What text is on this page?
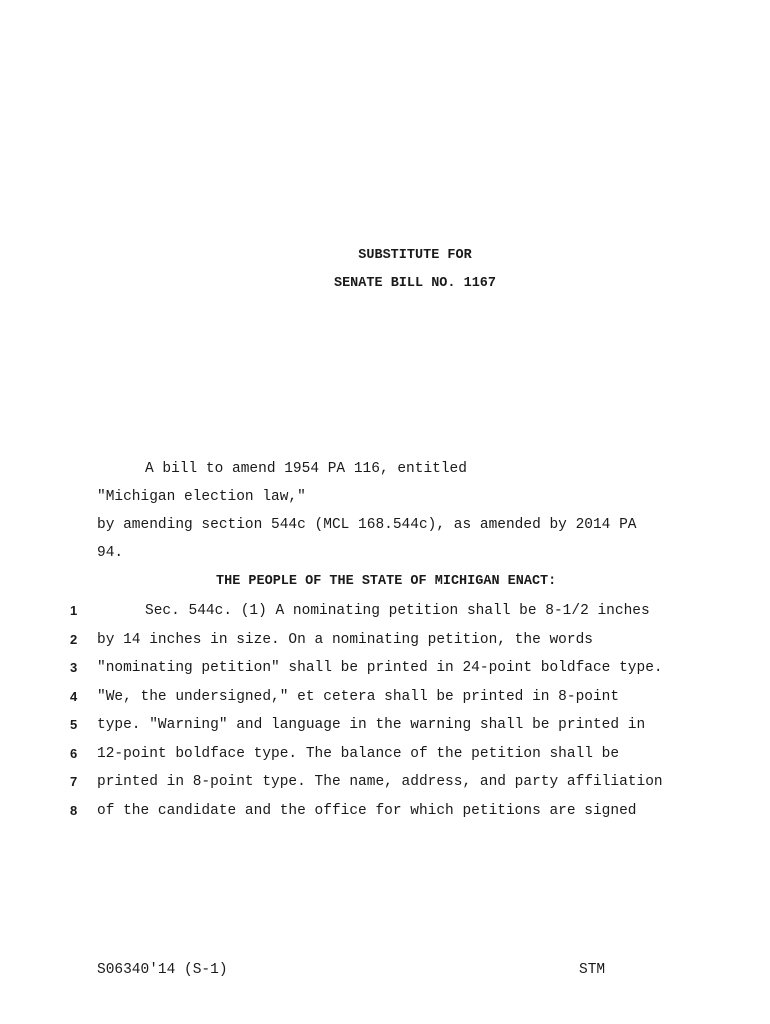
SUBSTITUTE FOR
SENATE BILL NO. 1167
A bill to amend 1954 PA 116, entitled
"Michigan election law,"
by amending section 544c (MCL 168.544c), as amended by 2014 PA
94.
THE PEOPLE OF THE STATE OF MICHIGAN ENACT:
1	Sec. 544c. (1) A nominating petition shall be 8-1/2 inches
2 by 14 inches in size. On a nominating petition, the words
3 "nominating petition" shall be printed in 24-point boldface type.
4 "We, the undersigned," et cetera shall be printed in 8-point
5 type. "Warning" and language in the warning shall be printed in
6 12-point boldface type. The balance of the petition shall be
7 printed in 8-point type. The name, address, and party affiliation
8 of the candidate and the office for which petitions are signed
S06340'14 (S-1)	STM
